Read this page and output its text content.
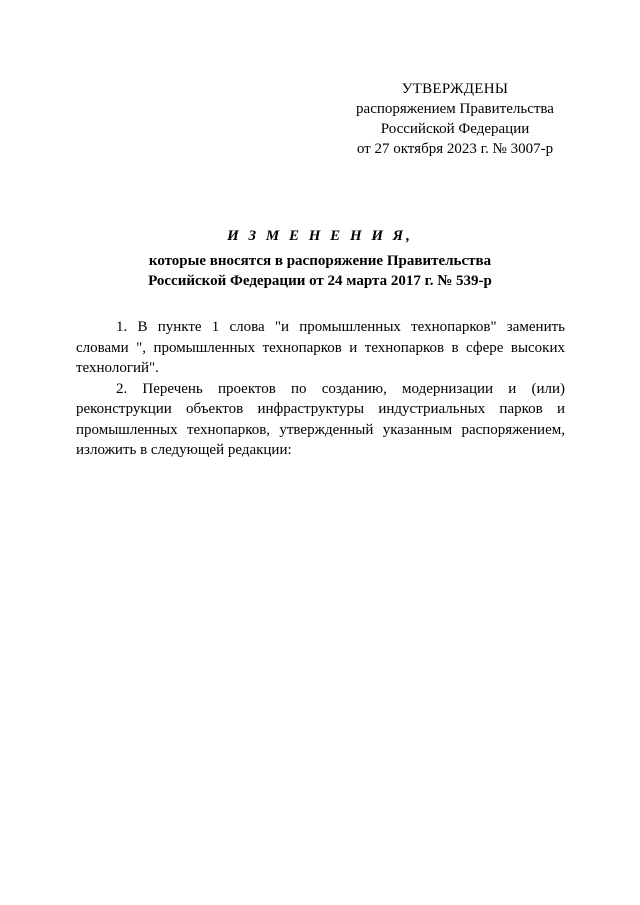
УТВЕРЖДЕНЫ
распоряжением Правительства
Российской Федерации
от 27 октября 2023 г. № 3007-р
И З М Е Н Е Н И Я,
которые вносятся в распоряжение Правительства
Российской Федерации от 24 марта 2017 г. № 539-р

1. В пункте 1 слова "и промышленных технопарков" заменить словами ", промышленных технопарков и технопарков в сфере высоких технологий".

2. Перечень проектов по созданию, модернизации и (или) реконструкции объектов инфраструктуры индустриальных парков и промышленных технопарков, утвержденный указанным распоряжением, изложить в следующей редакции:
